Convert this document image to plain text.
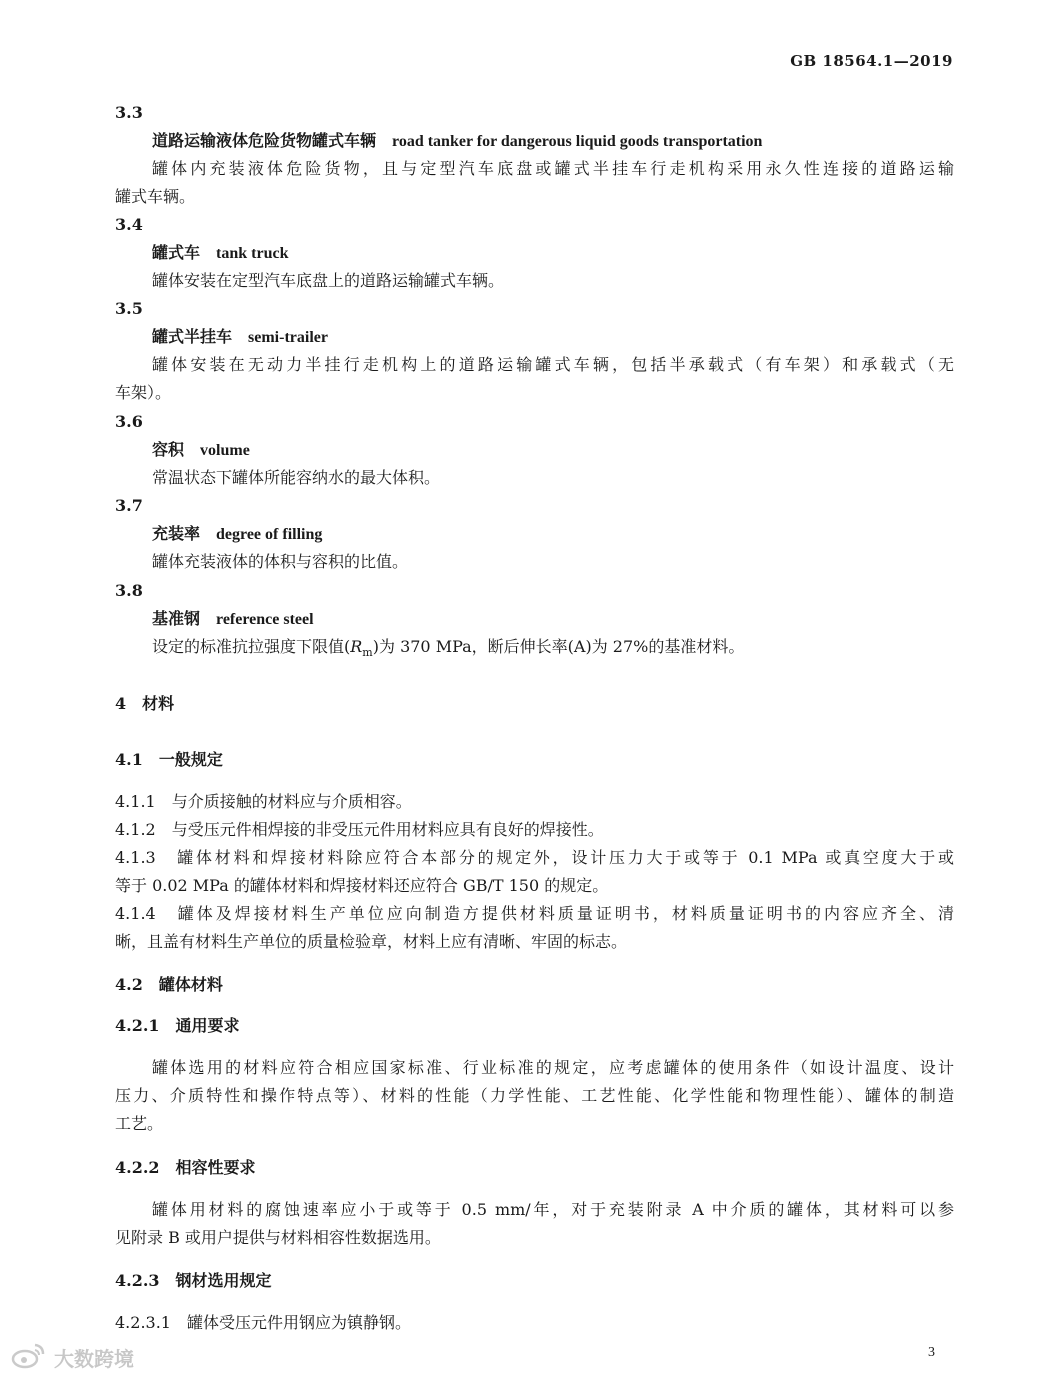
GB 18564.1—2019
3.3
道路运输液体危险货物罐式车辆 road tanker for dangerous liquid goods transportation
罐体内充装液体危险货物，且与定型汽车底盘或罐式半挂车行走机构采用永久性连接的道路运输
罐式车辆。
3.4
罐式车 tank truck
罐体安装在定型汽车底盘上的道路运输罐式车辆。
3.5
罐式半挂车 semi-trailer
罐体安装在无动力半挂行走机构上的道路运输罐式车辆，包括半承载式（有车架）和承载式（无
车架）。
3.6
容积 volume
常温状态下罐体所能容纳水的最大体积。
3.7
充装率 degree of filling
罐体充装液体的体积与容积的比值。
3.8
基准钢 reference steel
设定的标准抗拉强度下限值$(R_m)$为 370 MPa，断后伸长率(A)为 27%的基准材料。
4　材料
4.1　一般规定
4.1.1　与介质接触的材料应与介质相容。
4.1.2　与受压元件相焊接的非受压元件用材料应具有良好的焊接性。
4.1.3　罐体材料和焊接材料除应符合本部分的规定外，设计压力大于或等于 0.1 MPa 或真空度大于或
等于 0.02 MPa 的罐体材料和焊接材料还应符合 GB/T 150 的规定。
4.1.4　罐体及焊接材料生产单位应向制造方提供材料质量证明书，材料质量证明书的内容应齐全、清
晰，且盖有材料生产单位的质量检验章，材料上应有清晰、牢固的标志。
4.2　罐体材料
4.2.1　通用要求
罐体选用的材料应符合相应国家标准、行业标准的规定，应考虑罐体的使用条件（如设计温度、设计
压力、介质特性和操作特点等）、材料的性能（力学性能、工艺性能、化学性能和物理性能）、罐体的制造
工艺。
4.2.2　相容性要求
罐体用材料的腐蚀速率应小于或等于 0.5 mm/年，对于充装附录 A 中介质的罐体，其材料可以参
见附录 B 或用户提供与材料相容性数据选用。
4.2.3　钢材选用规定
4.2.3.1　罐体受压元件用钢应为镇静钢。
3
大数跨境
